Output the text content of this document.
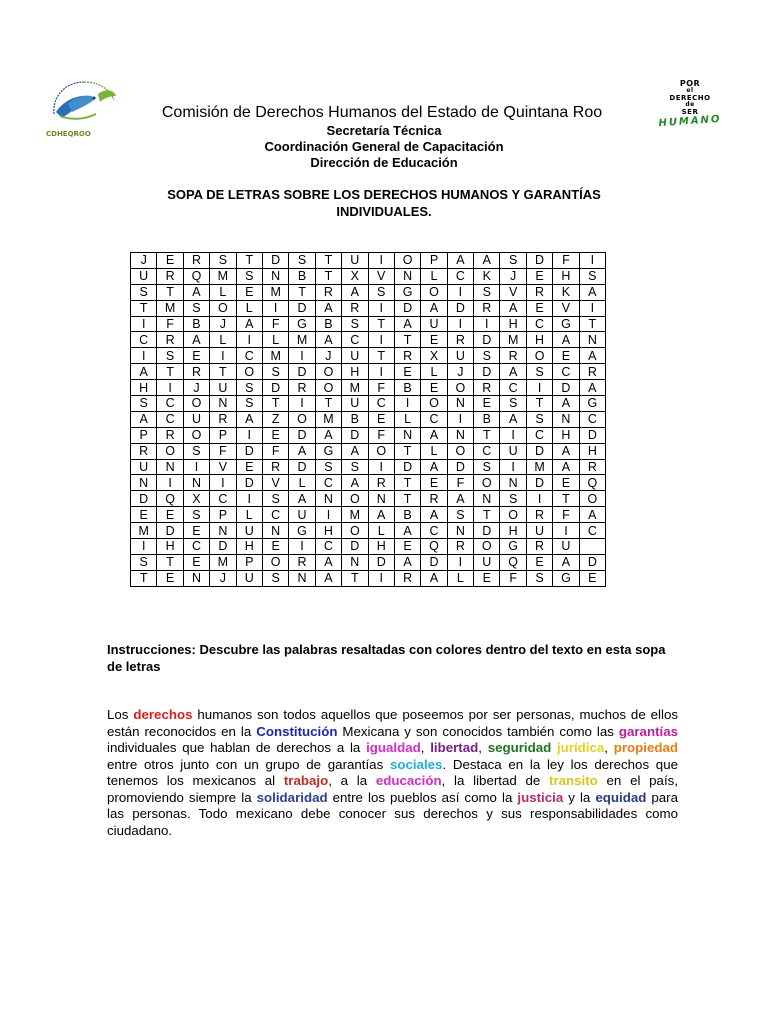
CDHEQROO
POR
el
DERECHO
de
SER
HUMANO
Comisión de Derechos Humanos del Estado de Quintana Roo
Secretaría Técnica
Coordinación General de Capacitación
Dirección de Educación
SOPA DE LETRAS SOBRE LOS DERECHOS HUMANOS Y GARANTÍAS
INDIVIDUALES.
J	E	R	S	T	D	S	T	U	I	O	P	A	A	S	D	F	I
U	R	Q	M	S	N	B	T	X	V	N	L	C	K	J	E	H	S
S	T	A	L	E	M	T	R	A	S	G	O	I	S	V	R	K	A
T	M	S	O	L	I	D	A	R	I	D	A	D	R	A	E	V	I
I	F	B	J	A	F	G	B	S	T	A	U	I	I	H	C	G	T
C	R	A	L	I	L	M	A	C	I	T	E	R	D	M	H	A	N
I	S	E	I	C	M	I	J	U	T	R	X	U	S	R	O	E	A
A	T	R	T	O	S	D	O	H	I	E	L	J	D	A	S	C	R
H	I	J	U	S	D	R	O	M	F	B	E	O	R	C	I	D	A
S	C	O	N	S	T	I	T	U	C	I	O	N	E	S	T	A	G
A	C	U	R	A	Z	O	M	B	E	L	C	I	B	A	S	N	C
P	R	O	P	I	E	D	A	D	F	N	A	N	T	I	C	H	D
R	O	S	F	D	F	A	G	A	O	T	L	O	C	U	D	A	H
U	N	I	V	E	R	D	S	S	I	D	A	D	S	I	M	A	R
N	I	N	I	D	V	L	C	A	R	T	E	F	O	N	D	E	Q
D	Q	X	C	I	S	A	N	O	N	T	R	A	N	S	I	T	O
E	E	S	P	L	C	U	I	M	A	B	A	S	T	O	R	F	A
M	D	E	N	U	N	G	H	O	L	A	C	N	D	H	U	I	C
I	H	C	D	H	E	I	C	D	H	E	Q	R	O	G	R	U	
S	T	E	M	P	O	R	A	N	D	A	D	I	U	Q	E	A	D
T	E	N	J	U	S	N	A	T	I	R	A	L	E	F	S	G	E
Instrucciones: Descubre las palabras resaltadas con colores dentro del texto en esta sopa de letras
Los derechos humanos son todos aquellos que poseemos por ser personas, muchos de ellos están reconocidos en la Constitución Mexicana y son conocidos también como las garantías individuales que hablan de derechos a la igualdad, libertad, seguridad jurídica, propiedad entre otros junto con un grupo de garantías sociales. Destaca en la ley los derechos que tenemos los mexicanos al trabajo, a la educación, la libertad de transito en el país, promoviendo siempre la solidaridad entre los pueblos así como la justicia y la equidad para las personas. Todo mexicano debe conocer sus derechos y sus responsabilidades como ciudadano.
